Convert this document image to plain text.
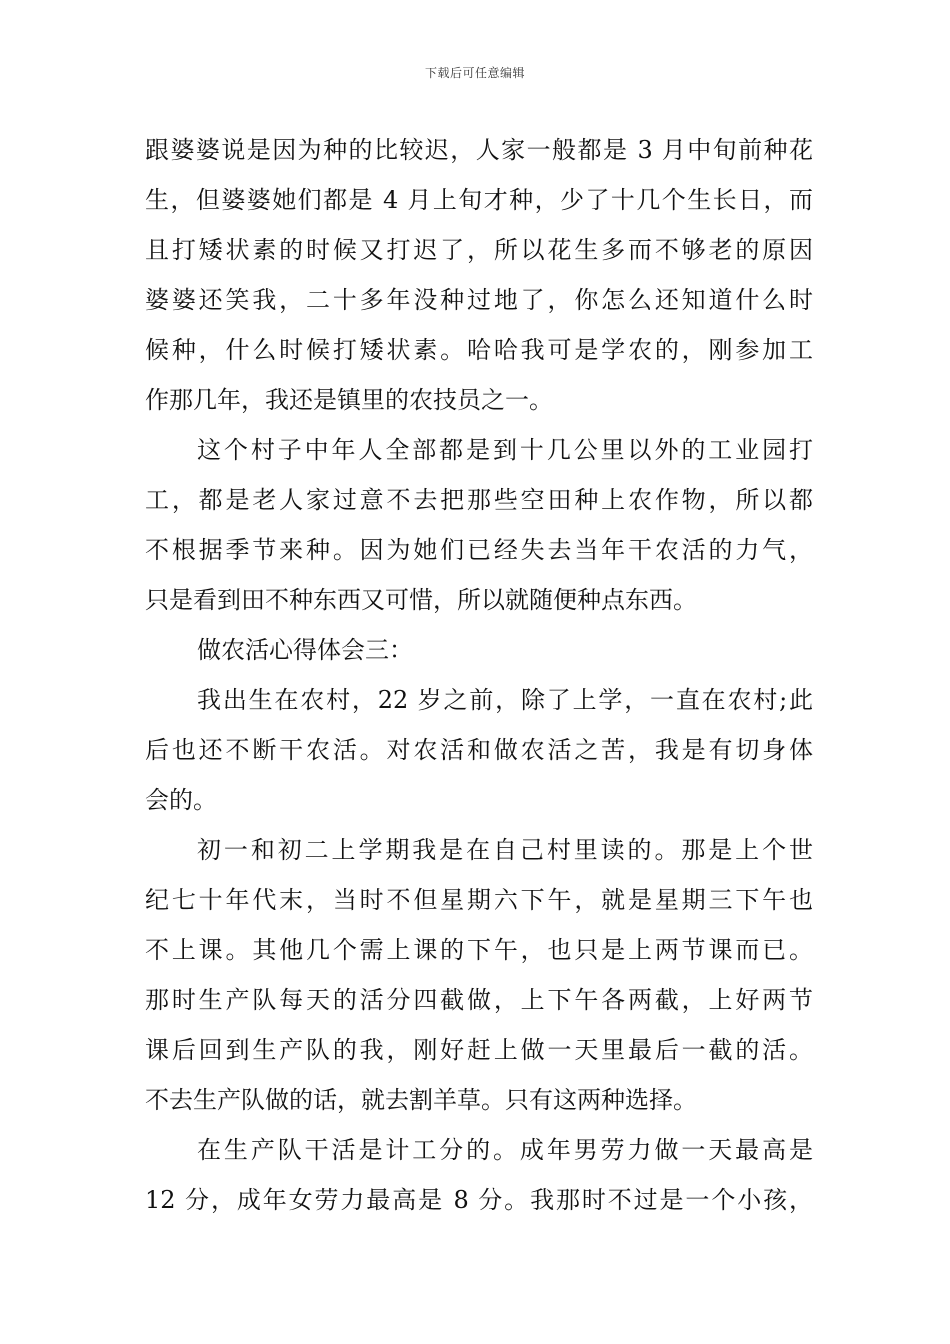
下载后可任意编辑
跟婆婆说是因为种的比较迟，人家一般都是 3 月中旬前种花
生，但婆婆她们都是 4 月上旬才种，少了十几个生长日，而
且打矮状素的时候又打迟了，所以花生多而不够老的原因
婆婆还笑我，二十多年没种过地了，你怎么还知道什么时
候种，什么时候打矮状素。哈哈我可是学农的，刚参加工
作那几年，我还是镇里的农技员之一。
这个村子中年人全部都是到十几公里以外的工业园打
工，都是老人家过意不去把那些空田种上农作物，所以都
不根据季节来种。因为她们已经失去当年干农活的力气，
只是看到田不种东西又可惜，所以就随便种点东西。
做农活心得体会三：
我出生在农村，22 岁之前，除了上学，一直在农村;此
后也还不断干农活。对农活和做农活之苦，我是有切身体
会的。
初一和初二上学期我是在自己村里读的。那是上个世
纪七十年代末，当时不但星期六下午，就是星期三下午也
不上课。其他几个需上课的下午，也只是上两节课而已。
那时生产队每天的活分四截做，上下午各两截，上好两节
课后回到生产队的我，刚好赶上做一天里最后一截的活。
不去生产队做的话，就去割羊草。只有这两种选择。
在生产队干活是计工分的。成年男劳力做一天最高是
12 分，成年女劳力最高是 8 分。我那时不过是一个小孩，
